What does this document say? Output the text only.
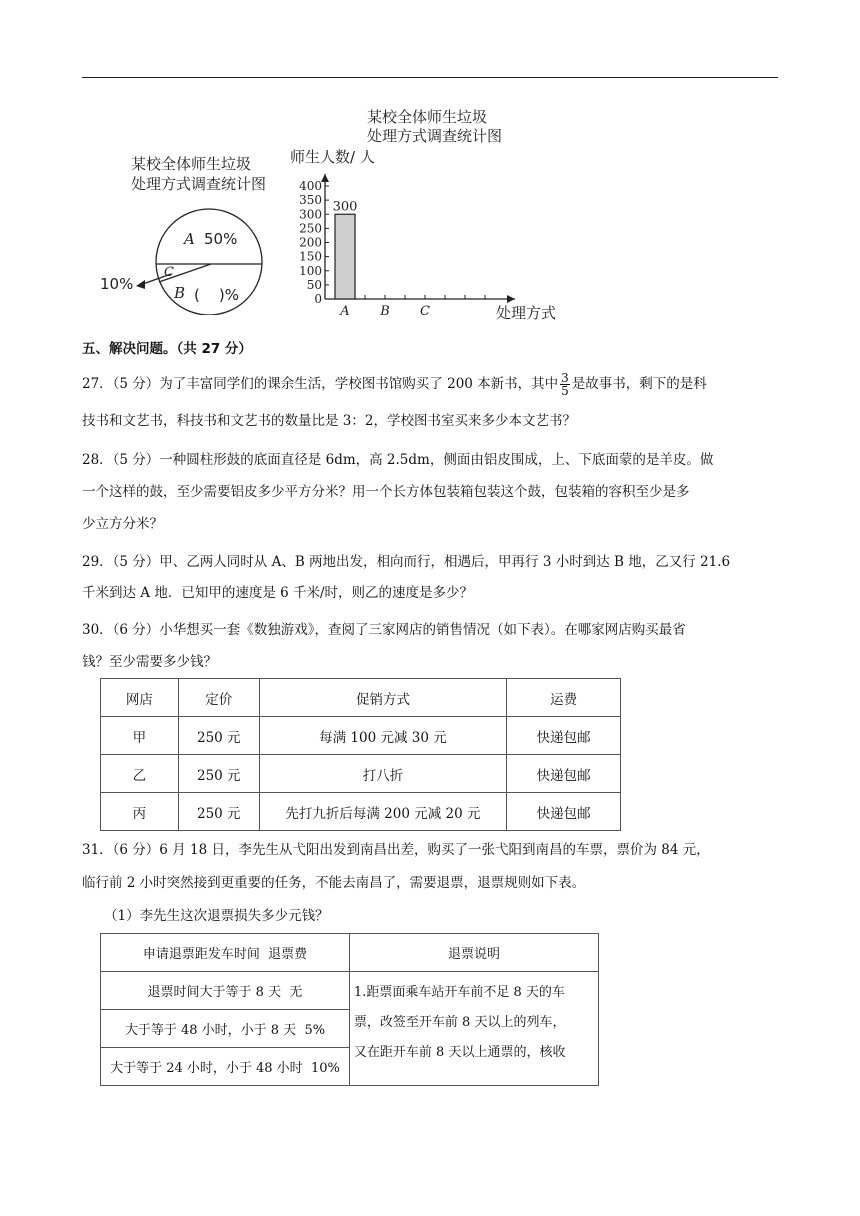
某校全体师生垃圾
处理方式调查统计图
A 50%
C
B (    )%
10%
某校全体师生垃圾
处理方式调查统计图
师生人数/ 人
处理方式
0
50
100
150
200
250
300
350
400
A B C
300
五、解决问题。（共 27 分）
27．（5 分）为了丰富同学们的课余生活，学校图书馆购买了 200 本新书，其中 $\frac{3}{5}$ 是故事书，剩下的是科
技书和文艺书，科技书和文艺书的数量比是 3：2，学校图书室买来多少本文艺书？
28．（5 分）一种圆柱形鼓的底面直径是 6dm，高 2.5dm，侧面由铝皮围成，上、下底面蒙的是羊皮。做
一个这样的鼓，至少需要铝皮多少平方分米？用一个长方体包装箱包装这个鼓，包装箱的容积至少是多
少立方分米？
29．（5 分）甲、乙两人同时从 A、B 两地出发，相向而行，相遇后，甲再行 3 小时到达 B 地，乙又行 21.6
千米到达 A 地．已知甲的速度是 6 千米/时，则乙的速度是多少？
30．（6 分）小华想买一套《数独游戏》，查阅了三家网店的销售情况（如下表）。在哪家网店购买最省
钱？至少需要多少钱？
网店	定价	促销方式	运费
甲	250 元	每满 100 元减 30 元	快递包邮
乙	250 元	打八折	快递包邮
丙	250 元	先打九折后每满 200 元减 20 元	快递包邮
31．（6 分）6 月 18 日，李先生从弋阳出发到南昌出差，购买了一张弋阳到南昌的车票，票价为 84 元，
临行前 2 小时突然接到更重要的任务，不能去南昌了，需要退票，退票规则如下表。
（1）李先生这次退票损失多少元钱？
申请退票距发车时间  退票费	退票说明
退票时间大于等于 8 天  无	1.距票面乘车站开车前不足 8 天的车
票，改签至开车前 8 天以上的列车，
又在距开车前 8 天以上通票的，核收

大于等于 48 小时，小于 8 天  5%	
大于等于 24 小时，小于 48 小时  10%	
